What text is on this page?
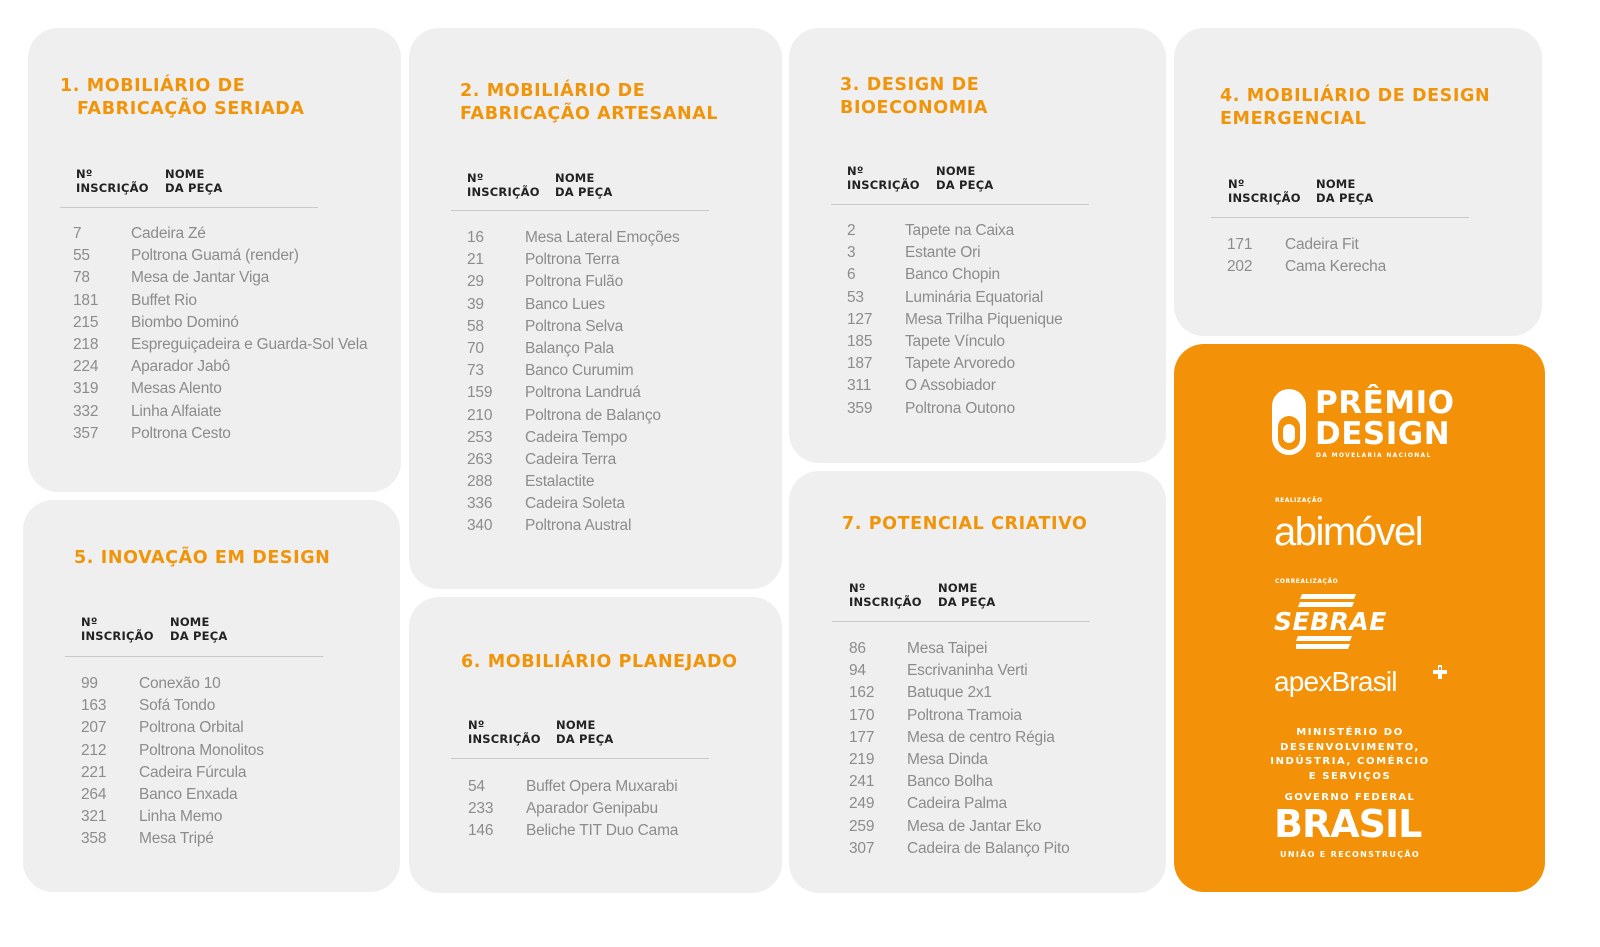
1. MOBILIÁRIO DE
FABRICAÇÃO SERIADA
Nº
INSCRIÇÃO
NOME
DA PEÇA
7	Cadeira Zé
55	Poltrona Guamá (render)
78	Mesa de Jantar Viga
181 Buffet Rio
215 Biombo Dominó
218 Espreguiçadeira e Guarda-Sol Vela
224 Aparador Jabô
319 Mesas Alento
332 Linha Alfaiate
357 Poltrona Cesto
2. MOBILIÁRIO DE
FABRICAÇÃO ARTESANAL
Nº
INSCRIÇÃO
NOME
DA PEÇA
16	Mesa Lateral Emoções
21	Poltrona Terra
29	Poltrona Fulão
39	Banco Lues
58	Poltrona Selva
70	Balanço Pala
73	Banco Curumim
159 Poltrona Landruá
210 Poltrona de Balanço
253 Cadeira Tempo
263 Cadeira Terra
288 Estalactite
336 Cadeira Soleta
340 Poltrona Austral
3. DESIGN DE
BIOECONOMIA
Nº
INSCRIÇÃO
NOME
DA PEÇA
2	Tapete na Caixa
3	Estante Ori
6	Banco Chopin
53	Luminária Equatorial
127 Mesa Trilha Piquenique
185 Tapete Vínculo
187 Tapete Arvoredo
311 O Assobiador
359 Poltrona Outono
4. MOBILIÁRIO DE DESIGN
EMERGENCIAL
Nº
INSCRIÇÃO
NOME
DA PEÇA
171 Cadeira Fit
202 Cama Kerecha
5. INOVAÇÃO EM DESIGN
Nº
INSCRIÇÃO
NOME
DA PEÇA
99	Conexão 10
163 Sofá Tondo
207 Poltrona Orbital
212 Poltrona Monolitos
221 Cadeira Fúrcula
264 Banco Enxada
321 Linha Memo
358 Mesa Tripé
6. MOBILIÁRIO PLANEJADO
Nº
INSCRIÇÃO
NOME
DA PEÇA
54	Buffet Opera Muxarabi
233 Aparador Genipabu
146 Beliche TIT Duo Cama
7. POTENCIAL CRIATIVO
Nº
INSCRIÇÃO
NOME
DA PEÇA
86	Mesa Taipei
94	Escrivaninha Verti
162 Batuque 2x1
170 Poltrona Tramoia
177 Mesa de centro Régia
219 Mesa Dinda
241 Banco Bolha
249 Cadeira Palma
259 Mesa de Jantar Eko
307 Cadeira de Balanço Pito
PRÊMIO
DESIGN
DA MOVELARIA NACIONAL
REALIZAÇÃO
abimóvel
CORREALIZAÇÃO
SEBRAE
apexBrasil
MINISTÉRIO DO
DESENVOLVIMENTO,
INDÚSTRIA, COMÉRCIO
E SERVIÇOS
GOVERNO FEDERAL
BRASIL
UNIÃO E RECONSTRUÇÃO
